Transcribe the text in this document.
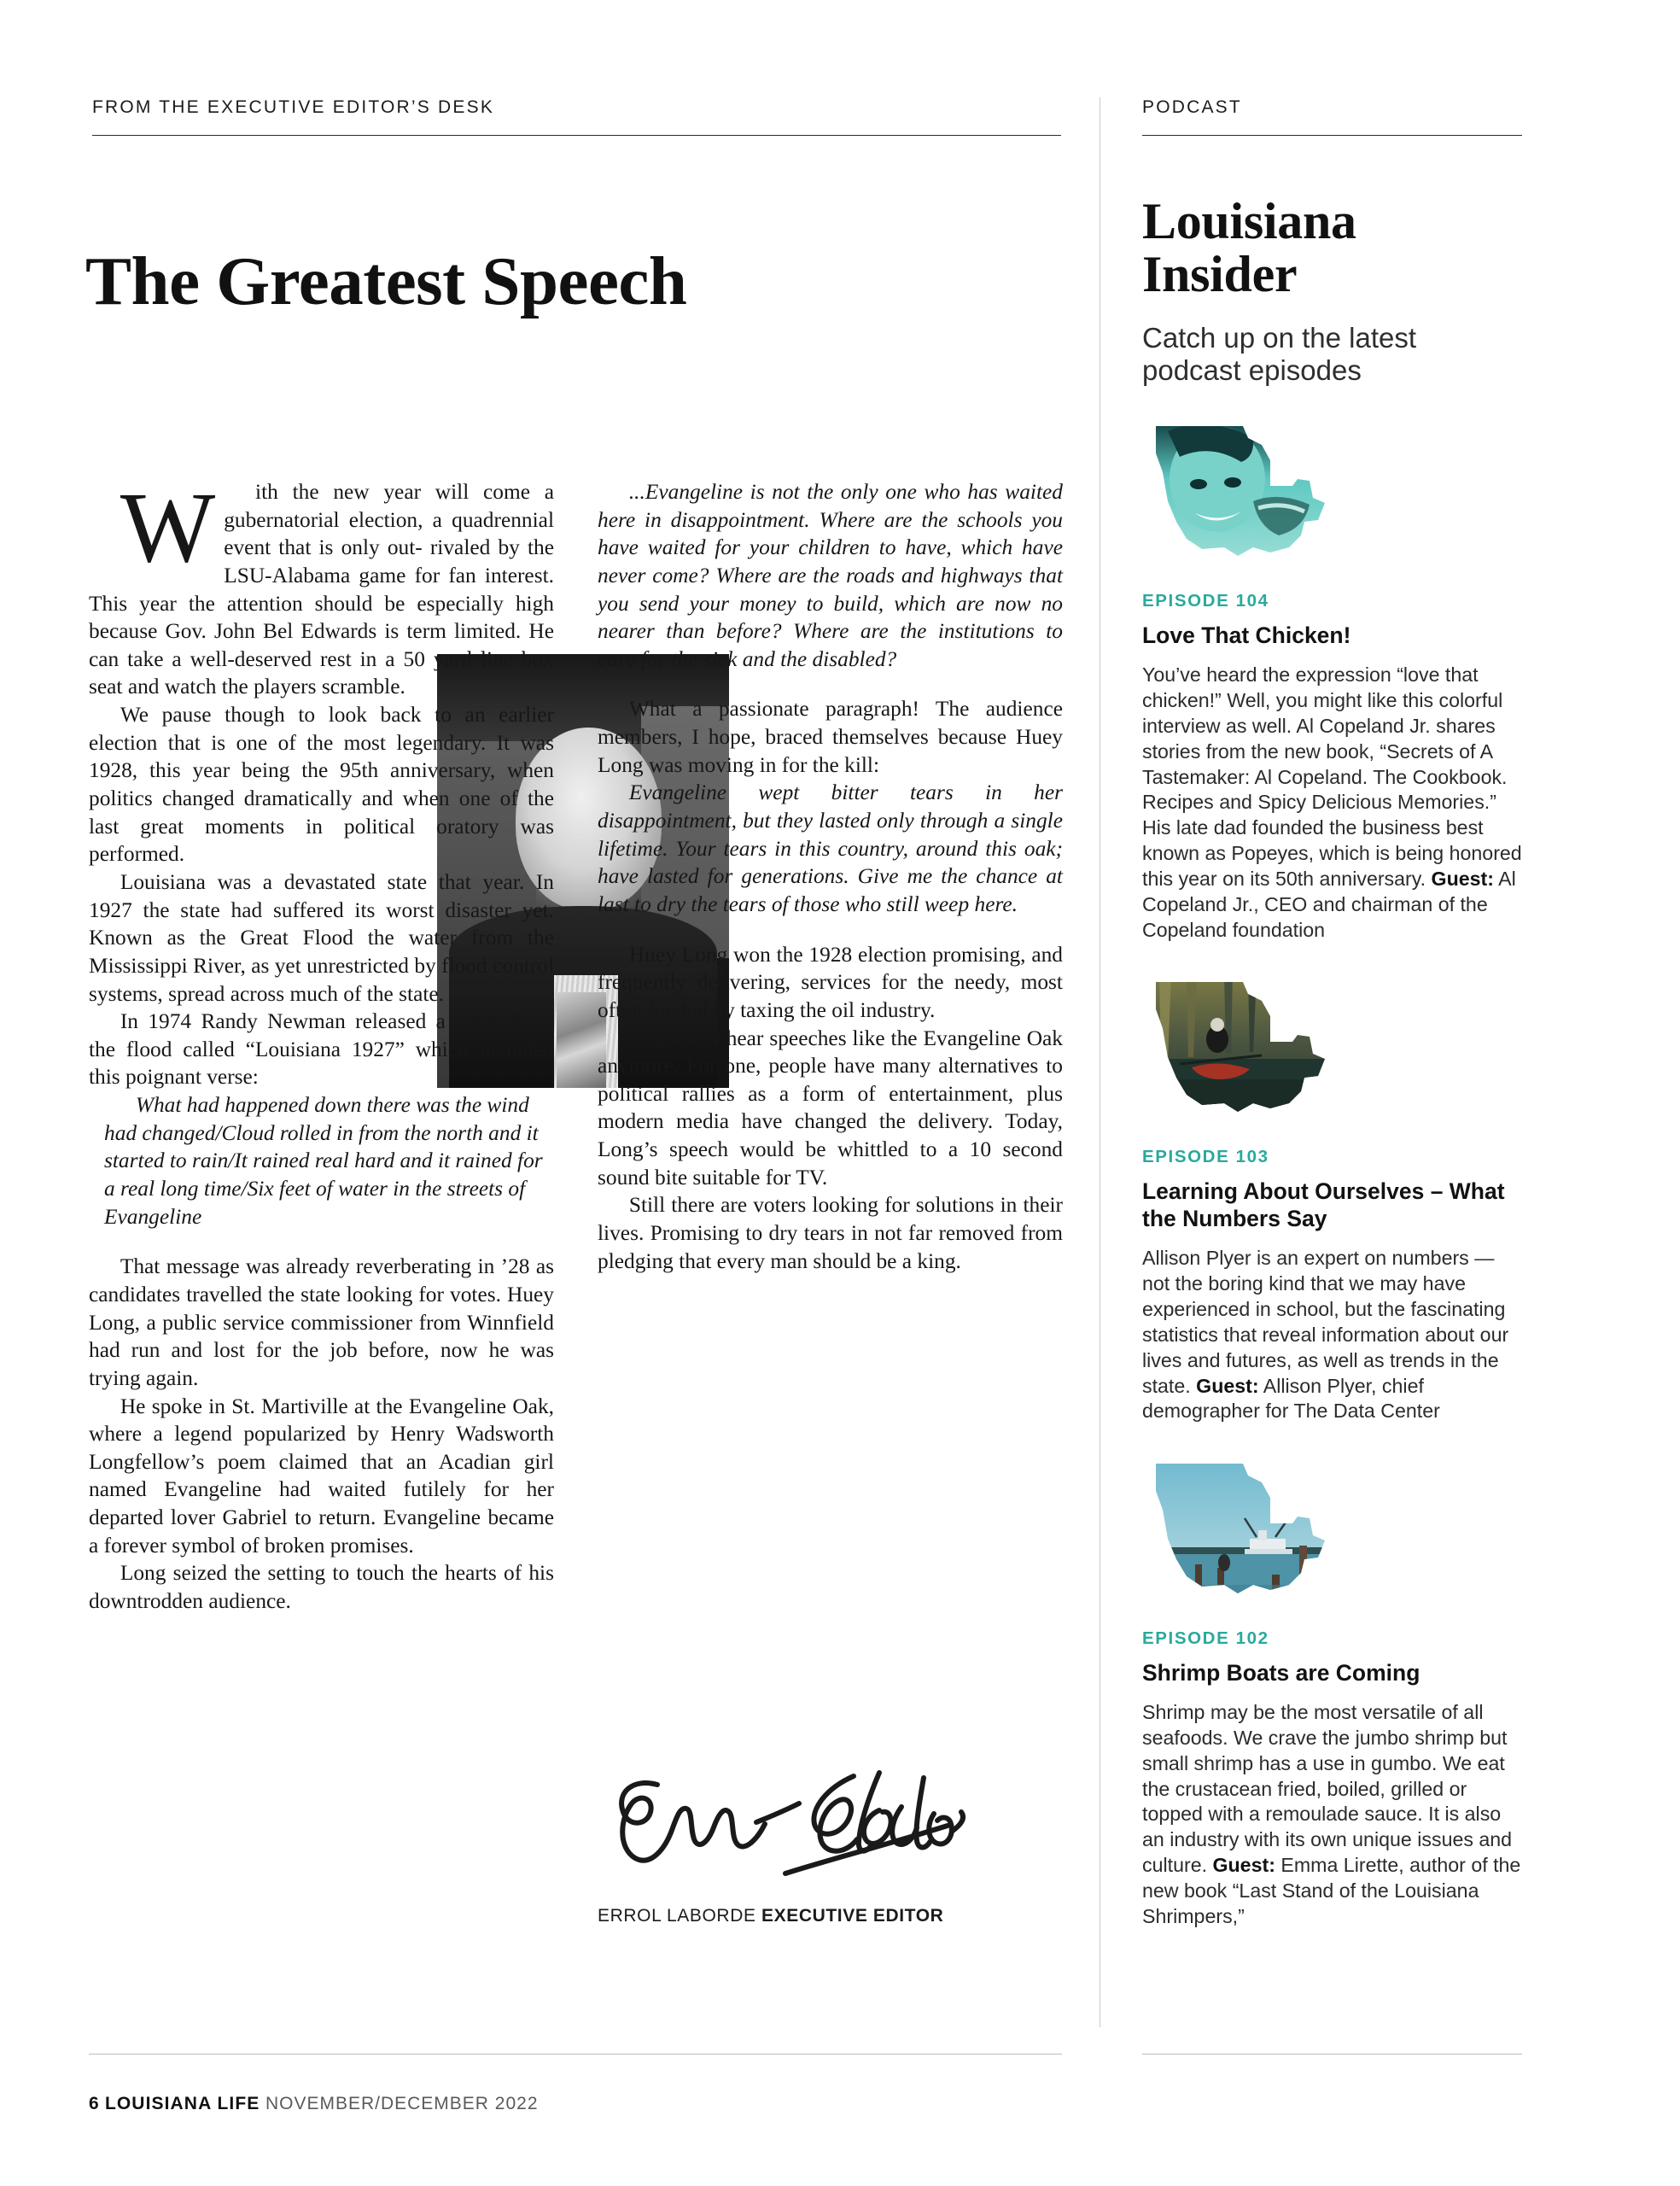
FROM THE EXECUTIVE EDITOR’S DESK	PODCAST
The Greatest Speech

W	ith the new year will come a gubernatorial election, a quadrennial event that is only out- rivaled by the LSU-Alabama game for fan interest. This year the attention should be especially high because Gov. John Bel Edwards is term limited. He can take a well-deserved rest in a 50 yard line box seat and watch the players scramble.

We pause though to look back to an earlier election that is one of the most legendary. It was 1928, this year being the 95th anniversary, when politics changed dramatically and when one of the last great moments in political oratory was performed.

Louisiana was a devastated state that year. In 1927 the state had suffered its worst disaster yet. Known as the Great Flood the water from the Mississippi River, as yet unrestricted by flood control systems, spread across much of the state.

In 1974 Randy Newman released a song about the flood called “Louisiana 1927” which included this poignant verse:

What had happened down there was the wind had changed/Cloud rolled in from the north and it started to rain/It rained real hard and it rained for a real long time/Six feet of water in the streets of Evangeline

That message was already reverberating in ’28 as candidates travelled the state looking for votes. Huey Long, a public service commissioner from Winnfield had run and lost for the job before, now he was trying again.

He spoke in St. Martiville at the Evangeline Oak, where a legend popularized by Henry Wadsworth Longfellow’s poem claimed that an Acadian girl named Evangeline had waited futilely for her departed lover Gabriel to return. Evangeline became a forever symbol of broken promises.

Long seized the setting to touch the hearts of his downtrodden audience.

...Evangeline is not the only one who has waited here in disappointment. Where are the schools you have waited for your children to have, which have never come? Where are the roads and highways that you send your money to build, which are now no nearer than before? Where are the institutions to care for the sick and the disabled?

What a passionate paragraph! The audience members, I hope, braced themselves because Huey Long was moving in for the kill:

Evangeline wept bitter tears in her disappointment, but they lasted only through a single lifetime. Your tears in this country, around this oak; have lasted for generations. Give me the chance at last to dry the tears of those who still weep here.

Huey Long won the 1928 election promising, and frequently delivering, services for the needy, most often funded by taxing the oil industry.

You won’t hear speeches like the Evangeline Oak anymore. For one, people have many alternatives to political rallies as a form of entertainment, plus modern media have changed the delivery. Today, Long’s speech would be whittled to a 10 second sound bite suitable for TV.

Still there are voters looking for solutions in their lives. Promising to dry tears in not far removed from pledging that every man should be a king.

ERROL LABORDE EXECUTIVE EDITOR
Louisiana Insider
Catch up on the latest podcast episodes
EPISODE 104
Love That Chicken!
You’ve heard the expression “love that chicken!” Well, you might like this colorful interview as well. Al Copeland Jr. shares stories from the new book, “Secrets of A Tastemaker: Al Copeland. The Cookbook. Recipes and Spicy Delicious Memories.” His late dad founded the business best known as Popeyes, which is being honored this year on its 50th anniversary. Guest: Al Copeland Jr., CEO and chairman of the Copeland foundation
EPISODE 103
Learning About Ourselves – What the Numbers Say
Allison Plyer is an expert on numbers — not the boring kind that we may have experienced in school, but the fascinating statistics that reveal information about our lives and futures, as well as trends in the state. Guest: Allison Plyer, chief demographer for The Data Center
EPISODE 102
Shrimp Boats are Coming
Shrimp may be the most versatile of all seafoods. We crave the jumbo shrimp but small shrimp has a use in gumbo. We eat the crustacean fried, boiled, grilled or topped with a remoulade sauce. It is also an industry with its own unique issues and culture. Guest: Emma Lirette, author of the new book “Last Stand of the Louisiana Shrimpers,”
6 LOUISIANA LIFE NOVEMBER/DECEMBER 2022
